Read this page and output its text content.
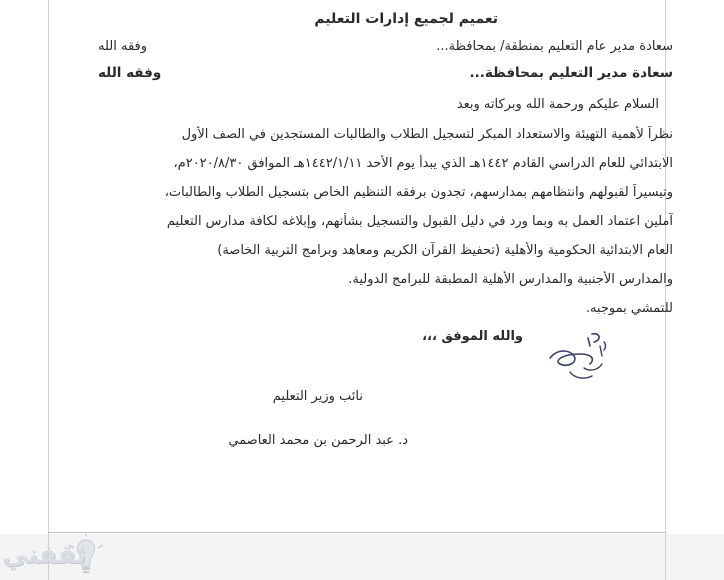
تعميم لجميع إدارات التعليم
سعادة مدير عام التعليم بمنطقة/ بمحافظة...
وفقه الله
سعادة مدير التعليم بمحافظة...
وفقه الله
السلام عليكم ورحمة الله وبركاته وبعد

نظراً لأهمية التهيئة والاستعداد المبكر لتسجيل الطلاب والطالبات المستجدين في الصف الأول

الابتدائي للعام الدراسي القادم ١٤٤٢هـ الذي يبدأ يوم الأحد ١٤٤٢/١/١١هـ الموافق ٢٠٢٠/٨/٣٠م،

وتيسيراً لقبولهم وانتظامهم بمدارسهم، تجدون برفقه التنظيم الخاص بتسجيل الطلاب والطالبات،

آملين اعتماد العمل به وبما ورد في دليل القبول والتسجيل بشأنهم، وإبلاغه لكافة مدارس التعليم

العام الابتدائية الحكومية والأهلية (تحفيظ القرآن الكريم ومعاهد وبرامج التربية الخاصة)

والمدارس الأجنبية والمدارس الأهلية المطبقة للبرامج الدولية.

للتمشي بموجبه.
والله الموفق ،،،
نائب وزير التعليم
د. عبد الرحمن بن محمد العاصمي
ثقفني
